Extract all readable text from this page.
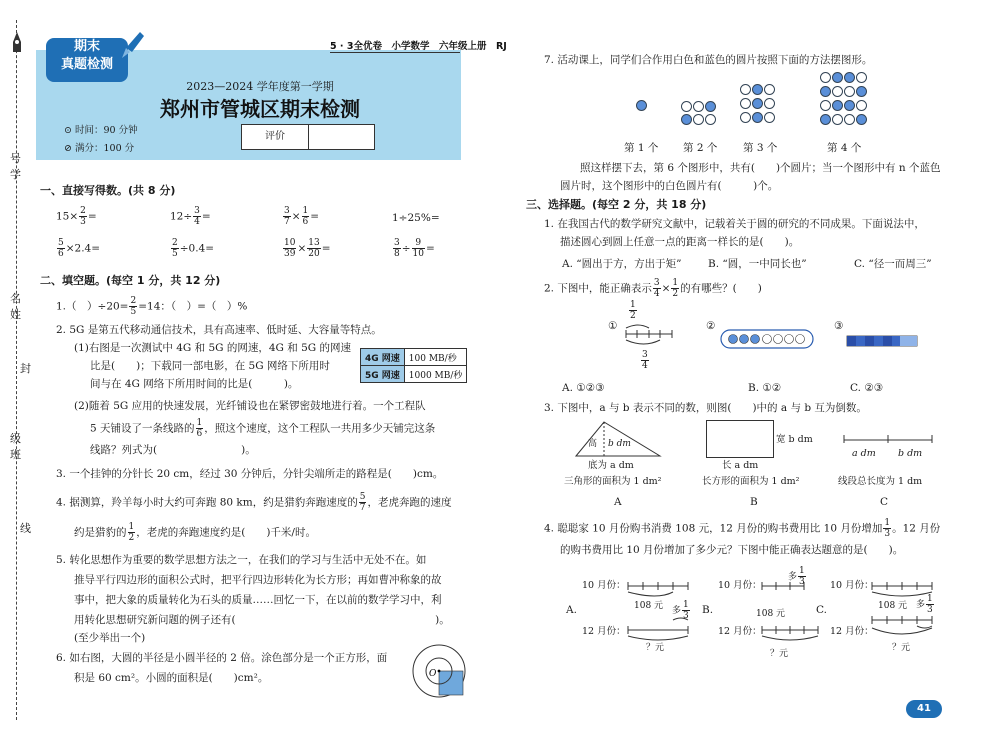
号
学
名
姓
级
班
封
线
期末
真题检测
5 · 3全优卷　小学数学　六年级上册　RJ
2023—2024 学年度第一学期
郑州市管城区期末检测
⊙ 时间：90 分钟
⊘ 满分：100 分
评价
一、直接写得数。(共 8 分)
$15\times \frac{2}{3}$ =	$12\div \frac{3}{4}$ =	$\frac{3}{7} \times \frac{1}{6}$ =	1÷25%=
$\frac{5}{6} \times 2.4=$	$\frac{2}{5} \div 0.4=$	$\frac{10}{39} \times \frac{13}{20}$ =	$\frac{3}{8} \div \frac{9}{10}$ =
二、填空题。(每空 1 分，共 12 分)
1.（　）$\div 20= \frac{2}{5} =14$：（　）=（　）%
2. 5G 是第五代移动通信技术，具有高速率、低时延、大容量等特点。
(1)右图是一次测试中 4G 和 5G 的网速，4G 和 5G 的网速
比是(　　)；下载同一部电影，在 5G 网络下所用时
间与在 4G 网络下所用时间的比是(　　　)。
4G 网速	100 MB/秒
5G 网速	1000 MB/秒
(2)随着 5G 应用的快速发展，光纤铺设也在紧锣密鼓地进行着。一个工程队
5 天铺设了一条线路的 $\frac{1}{6}$ ，照这个速度，这个工程队一共用多少天铺完这条
线路？列式为(　　　　　　　　)。
3. 一个挂钟的分针长 20 cm，经过 30 分钟后，分针尖端所走的路程是(　　)cm。
4. 据测算，羚羊每小时大约可奔跑 80 km，约是猎豹奔跑速度的 $\frac{5}{7}$ ，老虎奔跑的速度
约是猎豹的 $\frac{1}{2}$ ，老虎的奔跑速度约是(　　)千米/时。
5. 转化思想作为重要的数学思想方法之一，在我们的学习与生活中无处不在。如
推导平行四边形的面积公式时，把平行四边形转化为长方形；再如曹冲称象的故
事中，把大象的质量转化为石头的质量……回忆一下，在以前的数学学习中，利
用转化思想研究新问题的例子还有(　　　　　　　　　　　　　　　　　　　)。
(至少举出一个)
6. 如右图，大圆的半径是小圆半径的 2 倍。涂色部分是一个正方形，面
积是 60 cm²。小圆的面积是(　　)cm²。	O
7. 活动课上，同学们合作用白色和蓝色的圆片按照下面的方法摆图形。
第 1 个 第 2 个 第 3 个	第 4 个
照这样摆下去，第 6 个图形中，共有(　　)个圆片；当一个图形中有 n 个蓝色
圆片时，这个图形中的白色圆片有(　　　)个。
三、选择题。(每空 2 分，共 18 分)
1. 在我国古代的数学研究文献中，记载着关于圆的研究的不同成果。下面说法中，
描述圆心到圆上任意一点的距离一样长的是(　　)。
A. “圆出于方，方出于矩”	B. “圆，一中同长也”	C. “径一而周三”
2. 下图中，能正确表示 $\frac{3}{4} \times \frac{1}{2}$ 的有哪些？(　　)
①	②	③
$\frac{1}{2}$
$\frac{3}{4}$
A. ①②③	B. ①②	C. ②③
3. 下图中，a 与 b 表示不同的数，则图(　　)中的 a 与 b 互为倒数。
高 b dm
底为 a dm
三角形的面积为 1 dm²
A
宽 b dm
长 a dm
长方形的面积为 1 dm²
B
a dm b dm
线段总长度为 1 dm
C
4. 聪聪家 10 月份购书消费 108 元，12 月份的购书费用比 10 月份增加 $\frac{1}{3}$ 。12 月份
的购书费用比 10 月份增加了多少元？下图中能正确表达题意的是(　　)。
A.
10 月份：
12 月份：
108 元 多 $\frac{1}{3}$
？元
B.
10 月份：
12 月份：
108 元
多 $\frac{1}{3}$
？元
C.
10 月份：
12 月份：
108 元 多 $\frac{1}{3}$
？元
41
